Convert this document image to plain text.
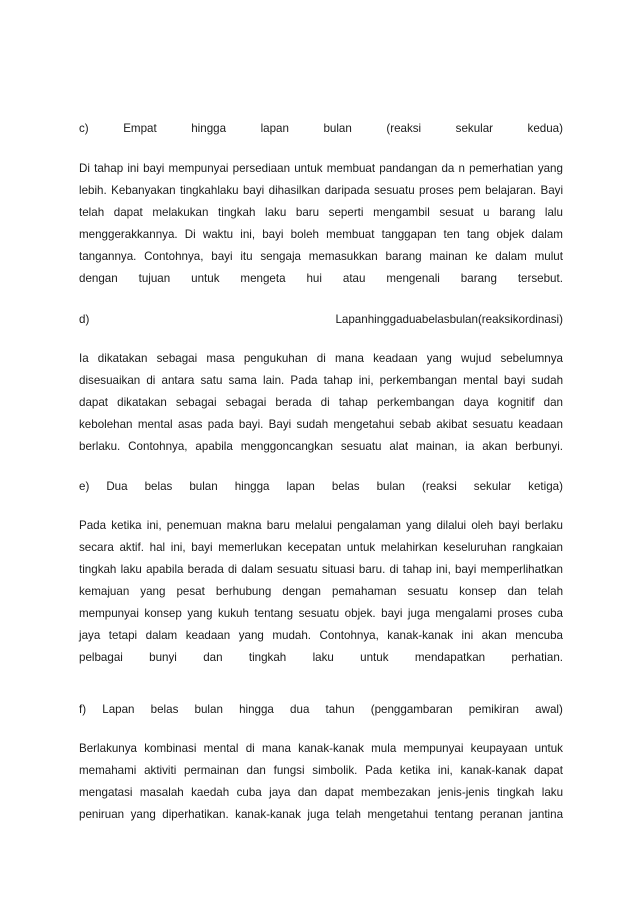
c)	Empat	hingga	lapan	bulan	(reaksi	sekular	kedua)
Di tahap ini bayi mempunyai persediaan untuk membuat pandangan da n pemerhatian yang
lebih. Kebanyakan tingkahlaku bayi dihasilkan daripada sesuatu proses pem belajaran. Bayi
telah dapat melakukan tingkah laku baru seperti mengambil sesuat u barang lalu
menggerakkannya. Di waktu ini, bayi boleh membuat tanggapan ten tang objek dalam
tangannya. Contohnya, bayi itu sengaja memasukkan barang mainan ke dalam mulut
dengan tujuan untuk mengeta hui atau mengenali barang tersebut.
d)	Lapanhinggaduabelasbulan(reaksikordinasi)
Ia dikatakan sebagai masa pengukuhan di mana keadaan yang wujud sebelumnya
disesuaikan di antara satu sama lain. Pada tahap ini, perkembangan mental bayi sudah
dapat dikatakan sebagai sebagai berada di tahap perkembangan daya kognitif dan
kebolehan mental asas pada bayi. Bayi sudah mengetahui sebab akibat sesuatu keadaan
berlaku. Contohnya, apabila menggoncangkan sesuatu alat mainan, ia akan berbunyi.
e) Dua belas bulan hingga lapan belas bulan (reaksi sekular ketiga)
Pada ketika ini, penemuan makna baru melalui pengalaman yang dilalui oleh bayi berlaku
secara aktif. hal ini, bayi memerlukan kecepatan untuk melahirkan keseluruhan rangkaian
tingkah laku apabila berada di dalam sesuatu situasi baru. di tahap ini, bayi memperlihatkan
kemajuan yang pesat berhubung dengan pemahaman sesuatu konsep dan telah
mempunyai konsep yang kukuh tentang sesuatu objek. bayi juga mengalami proses cuba
jaya tetapi dalam keadaan yang mudah. Contohnya, kanak-kanak ini akan mencuba
pelbagai bunyi dan tingkah laku untuk mendapatkan perhatian.
f) Lapan belas bulan hingga dua tahun (penggambaran pemikiran awal)
Berlakunya kombinasi mental di mana kanak-kanak mula mempunyai keupayaan untuk
memahami aktiviti permainan dan fungsi simbolik. Pada ketika ini, kanak-kanak dapat
mengatasi masalah kaedah cuba jaya dan dapat membezakan jenis-jenis tingkah laku
peniruan yang diperhatikan. kanak-kanak juga telah mengetahui tentang peranan jantina
